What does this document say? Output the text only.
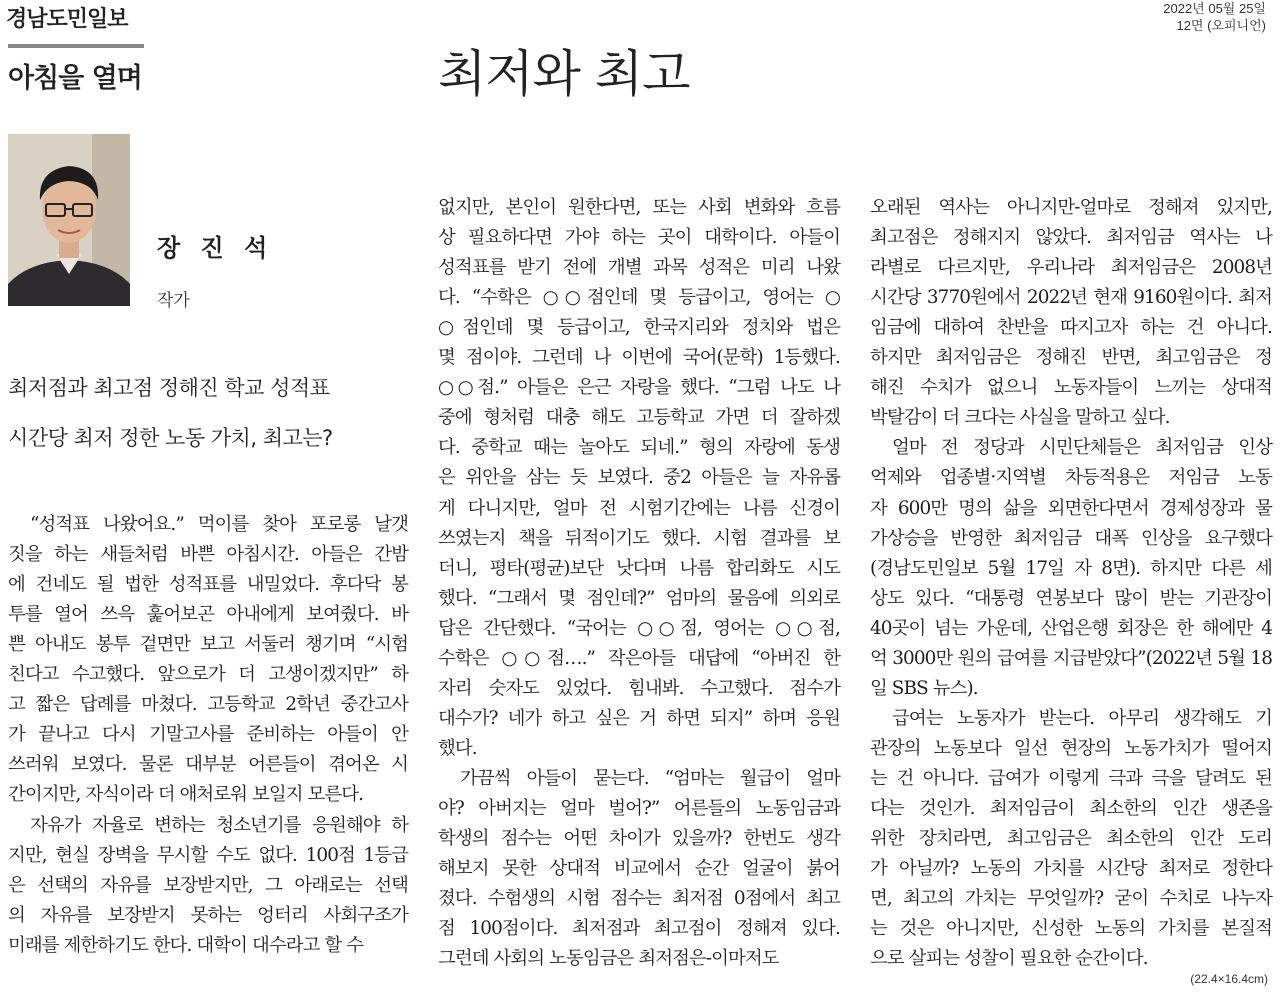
경남도민일보	2022년 05월 25일
12면 (오피니언)
아침을 열며	최저와 최고
장 진 석
작가
최저점과 최고점 정해진 학교 성적표
시간당 최저 정한 노동 가치, 최고는?
“성적표 나왔어요.” 먹이를 찾아 포로롱 날갯
짓을 하는 새들처럼 바쁜 아침시간. 아들은 간밤
에 건네도 될 법한 성적표를 내밀었다. 후다닥 봉
투를 열어 쓰윽 훑어보곤 아내에게 보여줬다. 바
쁜 아내도 봉투 겉면만 보고 서둘러 챙기며 “시험
친다고 수고했다. 앞으로가 더 고생이겠지만” 하
고 짧은 답례를 마쳤다. 고등학교 2학년 중간고사
가 끝나고 다시 기말고사를 준비하는 아들이 안
쓰러워 보였다. 물론 대부분 어른들이 겪어온 시
간이지만, 자식이라 더 애처로워 보일지 모른다.
자유가 자율로 변하는 청소년기를 응원해야 하
지만, 현실 장벽을 무시할 수도 없다. 100점 1등급
은 선택의 자유를 보장받지만, 그 아래로는 선택
의 자유를 보장받지 못하는 엉터리 사회구조가
미래를 제한하기도 한다. 대학이 대수라고 할 수
없지만, 본인이 원한다면, 또는 사회 변화와 흐름
상 필요하다면 가야 하는 곳이 대학이다. 아들이
성적표를 받기 전에 개별 과목 성적은 미리 나왔
다. “수학은 ○○점인데 몇 등급이고, 영어는 ○
○점인데 몇 등급이고, 한국지리와 정치와 법은
몇 점이야. 그런데 나 이번에 국어(문학) 1등했다.
○○점.” 아들은 은근 자랑을 했다. “그럼 나도 나
중에 형처럼 대충 해도 고등학교 가면 더 잘하겠
다. 중학교 때는 놀아도 되네.” 형의 자랑에 동생
은 위안을 삼는 듯 보였다. 중2 아들은 늘 자유롭
게 다니지만, 얼마 전 시험기간에는 나름 신경이
쓰였는지 책을 뒤적이기도 했다. 시험 결과를 보
더니, 평타(평균)보단 낫다며 나름 합리화도 시도
했다. “그래서 몇 점인데?” 엄마의 물음에 의외로
답은 간단했다. “국어는 ○○점, 영어는 ○○점,
수학은 ○○점….” 작은아들 대답에 “아버진 한
자리 숫자도 있었다. 힘내봐. 수고했다. 점수가
대수가? 네가 하고 싶은 거 하면 되지” 하며 응원
했다.
가끔씩 아들이 묻는다. “엄마는 월급이 얼마
야? 아버지는 얼마 벌어?” 어른들의 노동임금과
학생의 점수는 어떤 차이가 있을까? 한번도 생각
해보지 못한 상대적 비교에서 순간 얼굴이 붉어
졌다. 수험생의 시험 점수는 최저점 0점에서 최고
점 100점이다. 최저점과 최고점이 정해져 있다.
그런데 사회의 노동임금은 최저점은-이마저도
오래된 역사는 아니지만-얼마로 정해져 있지만,
최고점은 정해지지 않았다. 최저임금 역사는 나
라별로 다르지만, 우리나라 최저임금은 2008년
시간당 3770원에서 2022년 현재 9160원이다. 최저
임금에 대하여 찬반을 따지고자 하는 건 아니다.
하지만 최저임금은 정해진 반면, 최고임금은 정
해진 수치가 없으니 노동자들이 느끼는 상대적
박탈감이 더 크다는 사실을 말하고 싶다.
얼마 전 정당과 시민단체들은 최저임금 인상
억제와 업종별·지역별 차등적용은 저임금 노동
자 600만 명의 삶을 외면한다면서 경제성장과 물
가상승을 반영한 최저임금 대폭 인상을 요구했다
(경남도민일보 5월 17일 자 8면). 하지만 다른 세
상도 있다. “대통령 연봉보다 많이 받는 기관장이
40곳이 넘는 가운데, 산업은행 회장은 한 해에만 4
억 3000만 원의 급여를 지급받았다”(2022년 5월 18
일 SBS 뉴스).
급여는 노동자가 받는다. 아무리 생각해도 기
관장의 노동보다 일선 현장의 노동가치가 떨어지
는 건 아니다. 급여가 이렇게 극과 극을 달려도 된
다는 것인가. 최저임금이 최소한의 인간 생존을
위한 장치라면, 최고임금은 최소한의 인간 도리
가 아닐까? 노동의 가치를 시간당 최저로 정한다
면, 최고의 가치는 무엇일까? 굳이 수치로 나누자
는 것은 아니지만, 신성한 노동의 가치를 본질적
으로 살피는 성찰이 필요한 순간이다.
(22.4×16.4cm)
